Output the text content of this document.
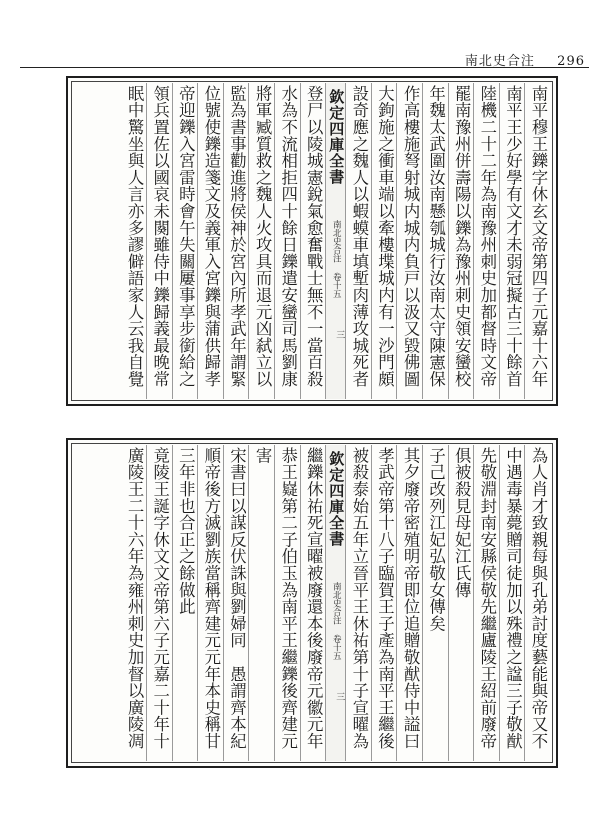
南北史合注 296
南平穆王鑠字休玄文帝第四子元嘉十六年
南平王少好學有文才未弱冠擬古三十餘首
陸機二十二年為南豫州刺史加都督時文帝
罷南豫州併壽陽以鑠為豫州刺史領安蠻校
年魏太武圍汝南懸瓠城行汝南太守陳憲保
作高樓施弩射城内城内負戸以汲又毀佛圖
大鉤施之衝車端以牽樓堞城内有一沙門頗
設奇應之魏人以蝦蟆車填塹肉薄攻城死者
欽定四庫全書 南北史合注 卷十五
三
登尸以陵城憲銳氣愈奮戰士無不一當百殺
水為不流相拒四十餘日鑠遣安蠻司馬劉康
將軍臧質救之魏人火攻具而退元凶弑立以
監為書事勸進將侯神於宮內所孝武年謂緊
位號使鑠造箋文及義軍入宮鑠與蒲供歸孝
帝迎鑠入宮雷時會午失關屢事享步銜給之
領兵置佐以國哀未闋雖侍中鑠歸義最晚常
眠中驚坐與人言亦多謬僻語家人云我自覺
為人肖才致親每與孔弟討度藝能與帝又不
中遇毒暴薨贈司徒加以殊禮之諡三子敬猷
先敬淵封南安縣侯敬先繼廬陵王紹前廢帝
俱被殺見母妃江氏傳
子己改列江妃弘敬女傳矣
其夕廢帝密殖明帝即位追贈敬猷侍中謚曰
孝武帝第十八子臨賀王子產為南平王繼後
被殺泰始五年立晉平王休祐第十子宣曜為
欽定四庫全書 南北史合注 卷十五
三
繼鑠休祐死宣曜被廢還本後廢帝元徽元年
恭王嶷第二子伯玉為南平王繼鑠後齊建元
害
宋書曰以謀反伏誅與劉婦同　愚謂齊本紀
順帝後方滅劉族當稱齊建元元年本史稱甘
三年非也合正之餘做此
竟陵王誕字休文文帝第六子元嘉二十年十
廣陵王二十六年為雍州刺史加督以廣陵凋
